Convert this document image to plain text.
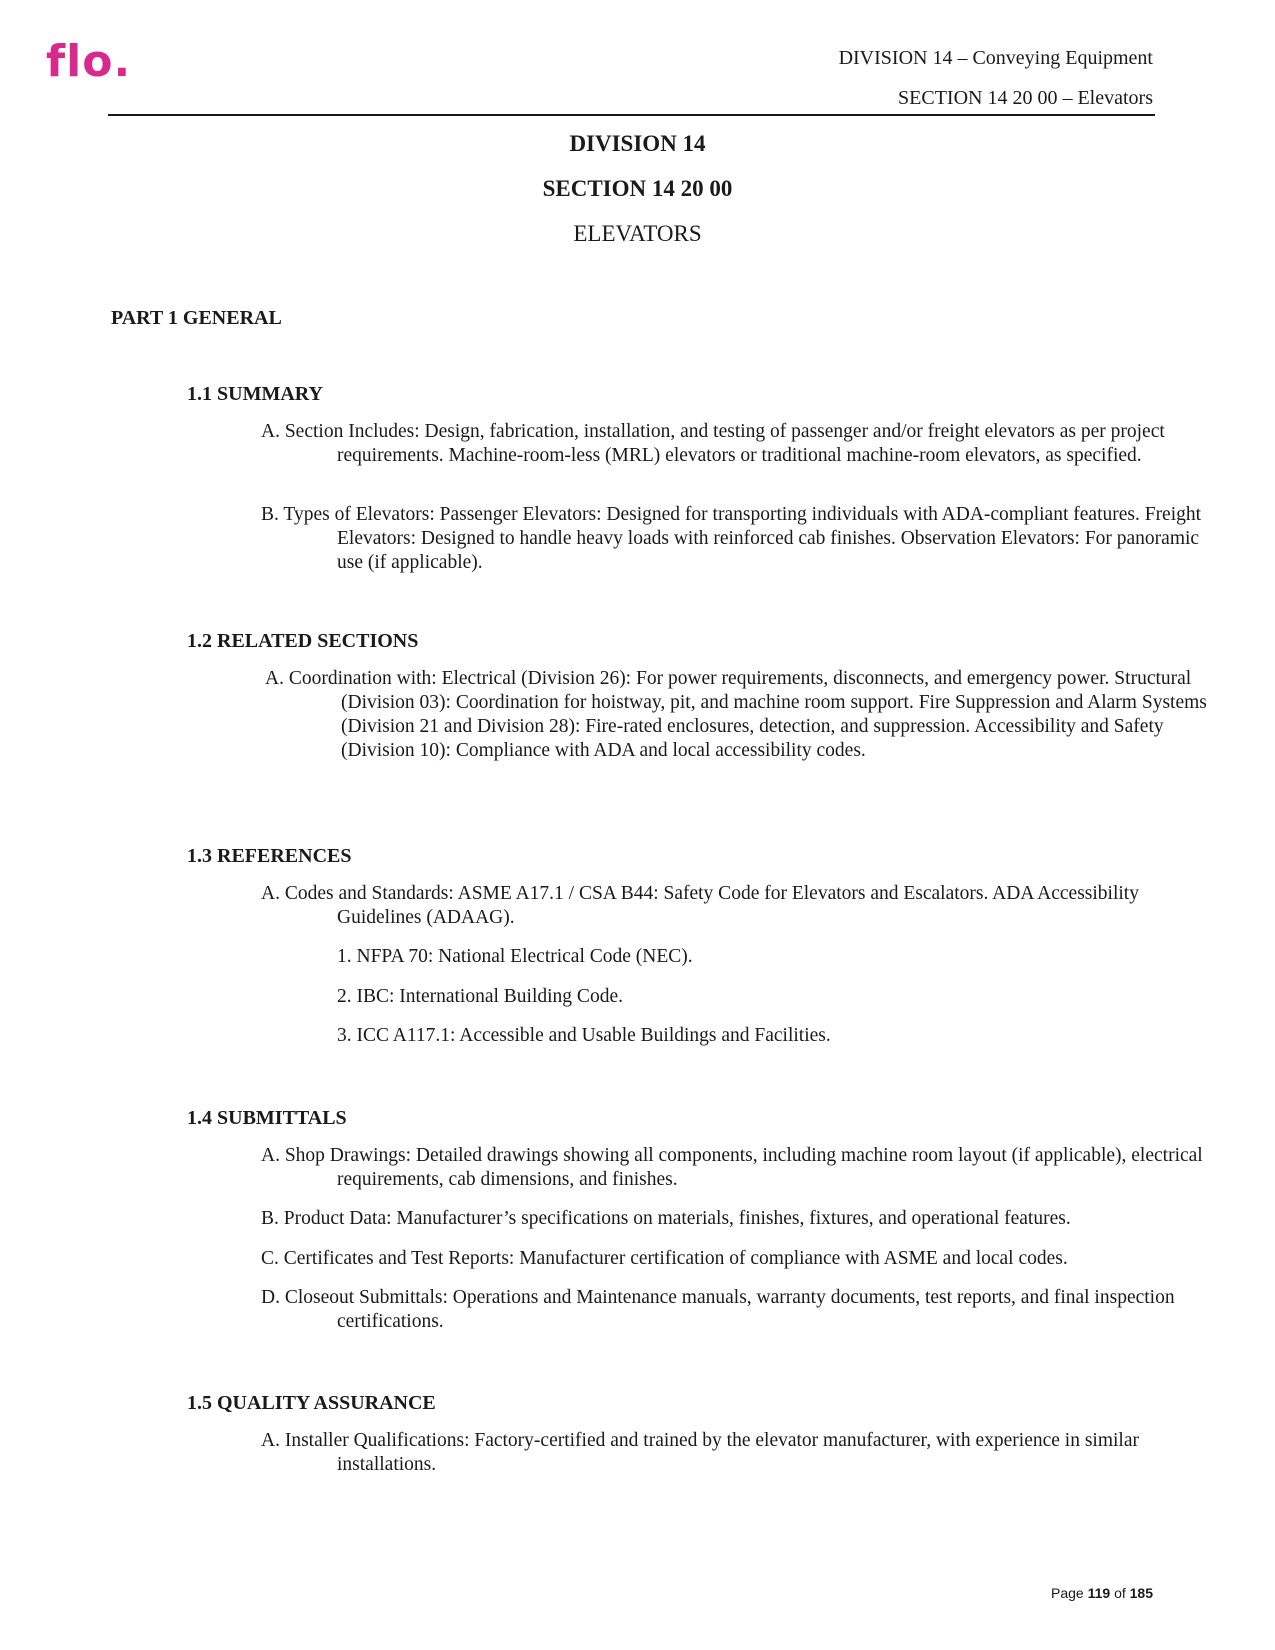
flo.	DIVISION 14 – Conveying Equipment
SECTION 14 20 00 – Elevators
DIVISION 14
SECTION 14 20 00
ELEVATORS
PART 1 GENERAL
1.1 SUMMARY
A. Section Includes: Design, fabrication, installation, and testing of passenger and/or freight elevators as per project requirements. Machine-room-less (MRL) elevators or traditional machine-room elevators, as specified.
B. Types of Elevators: Passenger Elevators: Designed for transporting individuals with ADA-compliant features. Freight Elevators: Designed to handle heavy loads with reinforced cab finishes. Observation Elevators: For panoramic use (if applicable).
1.2 RELATED SECTIONS
A. Coordination with: Electrical (Division 26): For power requirements, disconnects, and emergency power. Structural (Division 03): Coordination for hoistway, pit, and machine room support. Fire Suppression and Alarm Systems (Division 21 and Division 28): Fire-rated enclosures, detection, and suppression. Accessibility and Safety (Division 10): Compliance with ADA and local accessibility codes.
1.3 REFERENCES
A. Codes and Standards: ASME A17.1 / CSA B44: Safety Code for Elevators and Escalators. ADA Accessibility Guidelines (ADAAG).
1. NFPA 70: National Electrical Code (NEC).
2. IBC: International Building Code.
3. ICC A117.1: Accessible and Usable Buildings and Facilities.
1.4 SUBMITTALS
A. Shop Drawings: Detailed drawings showing all components, including machine room layout (if applicable), electrical requirements, cab dimensions, and finishes.
B. Product Data: Manufacturer’s specifications on materials, finishes, fixtures, and operational features.
C. Certificates and Test Reports: Manufacturer certification of compliance with ASME and local codes.
D. Closeout Submittals: Operations and Maintenance manuals, warranty documents, test reports, and final inspection certifications.
1.5 QUALITY ASSURANCE
A. Installer Qualifications: Factory-certified and trained by the elevator manufacturer, with experience in similar installations.
Page 119 of 185
